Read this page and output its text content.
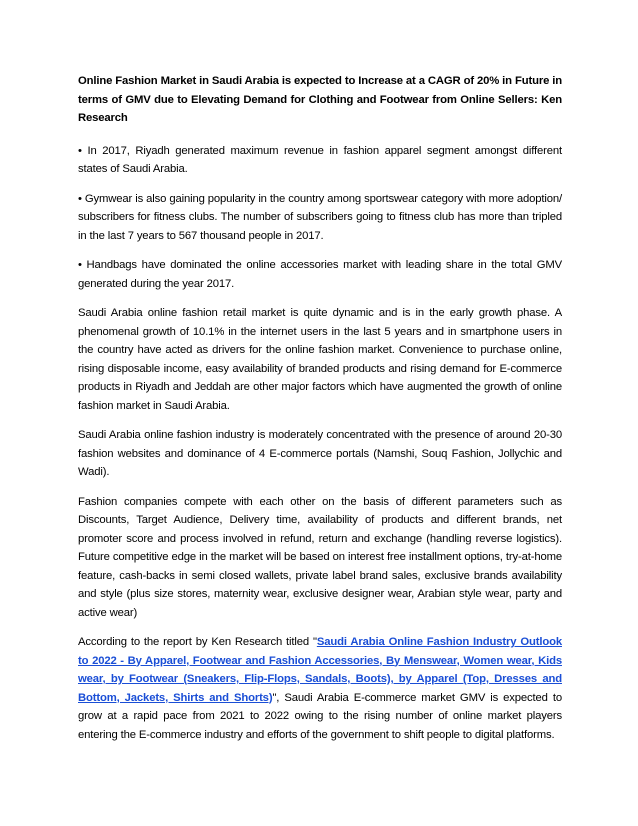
Online Fashion Market in Saudi Arabia is expected to Increase at a CAGR of 20% in Future in terms of GMV due to Elevating Demand for Clothing and Footwear from Online Sellers: Ken Research

• In 2017, Riyadh generated maximum revenue in fashion apparel segment amongst different states of Saudi Arabia.

• Gymwear is also gaining popularity in the country among sportswear category with more adoption/ subscribers for fitness clubs. The number of subscribers going to fitness club has more than tripled in the last 7 years to 567 thousand people in 2017.

• Handbags have dominated the online accessories market with leading share in the total GMV generated during the year 2017.

Saudi Arabia online fashion retail market is quite dynamic and is in the early growth phase. A phenomenal growth of 10.1% in the internet users in the last 5 years and in smartphone users in the country have acted as drivers for the online fashion market. Convenience to purchase online, rising disposable income, easy availability of branded products and rising demand for E-commerce products in Riyadh and Jeddah are other major factors which have augmented the growth of online fashion market in Saudi Arabia.

Saudi Arabia online fashion industry is moderately concentrated with the presence of around 20-30 fashion websites and dominance of 4 E-commerce portals (Namshi, Souq Fashion, Jollychic and Wadi).

Fashion companies compete with each other on the basis of different parameters such as Discounts, Target Audience, Delivery time, availability of products and different brands, net promoter score and process involved in refund, return and exchange (handling reverse logistics). Future competitive edge in the market will be based on interest free installment options, try-at-home feature, cash-backs in semi closed wallets, private label brand sales, exclusive brands availability and style (plus size stores, maternity wear, exclusive designer wear, Arabian style wear, party and active wear)

According to the report by Ken Research titled "Saudi Arabia Online Fashion Industry Outlook to 2022 - By Apparel, Footwear and Fashion Accessories, By Menswear, Women wear, Kids wear, by Footwear (Sneakers, Flip-Flops, Sandals, Boots), by Apparel (Top, Dresses and Bottom, Jackets, Shirts and Shorts)", Saudi Arabia E-commerce market GMV is expected to grow at a rapid pace from 2021 to 2022 owing to the rising number of online market players entering the E-commerce industry and efforts of the government to shift people to digital platforms.
